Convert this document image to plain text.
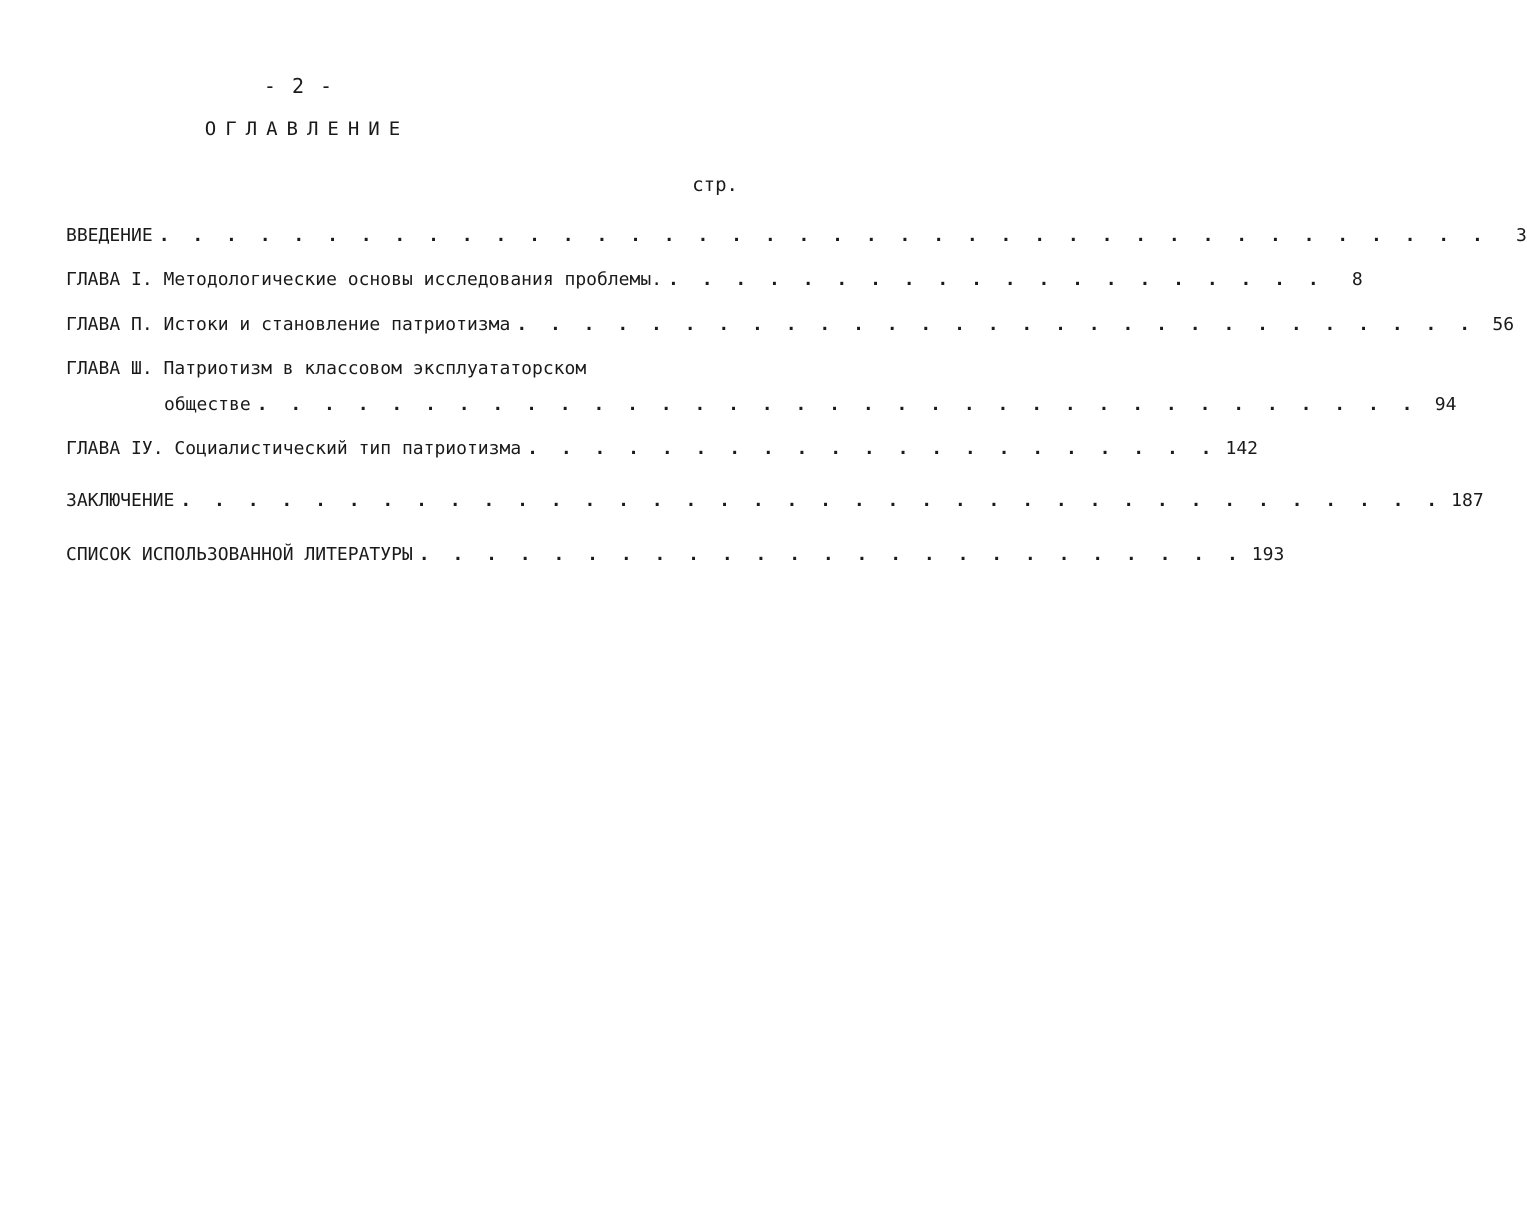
- 2 -
ОГЛАВЛЕНИЕ
стр.
ВВЕДЕНИЕ . . . . . . . . . . . . . . . . . . . . . . . . . . . . . . . . . . . . . . . .	3
ГЛАВА I. Методологические основы исследования проблемы. . . . . . . . . . . . . . . . . . . . .	8
ГЛАВА П. Истоки и становление патриотизма . . . . . . . . . . . . . . . . . . . . . . . . . . . . . 56
ГЛАВА Ш. Патриотизм в классовом эксплуататорском
обществе . . . . . . . . . . . . . . . . . . . . . . . . . . . . . . . . . . . 94
ГЛАВА IУ. Социалистический тип патриотизма . . . . . . . . . . . . . . . . . . . . . 142
ЗАКЛЮЧЕНИЕ . . . . . . . . . . . . . . . . . . . . . . . . . . . . . . . . . . . . . . 187
СПИСОК ИСПОЛЬЗОВАННОЙ ЛИТЕРАТУРЫ . . . . . . . . . . . . . . . . . . . . . . . . . 193
